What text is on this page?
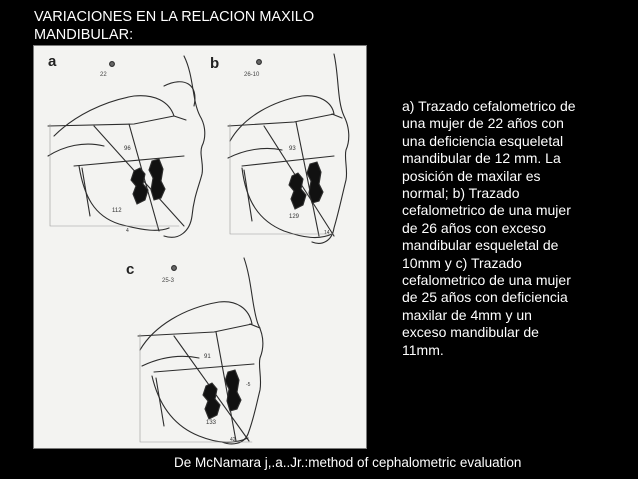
VARIACIONES EN LA RELACION MAXILO
MANDIBULAR:
a
22
96
112
4
b
26-10
93
129
14
c
25-3
91
133
42
-5
a) Trazado cefalometrico de
una mujer de 22 años con
una deficiencia esqueletal
mandibular de 12 mm. La
posición de maxilar es
normal; b) Trazado
cefalometrico de una mujer
de 26 años con exceso
mandibular esqueletal de
10mm y c) Trazado
cefalometrico de una mujer
de 25 años con deficiencia
maxilar de 4mm y un
exceso mandibular de
11mm.
De McNamara j,.a..Jr.:method of cephalometric evaluation
